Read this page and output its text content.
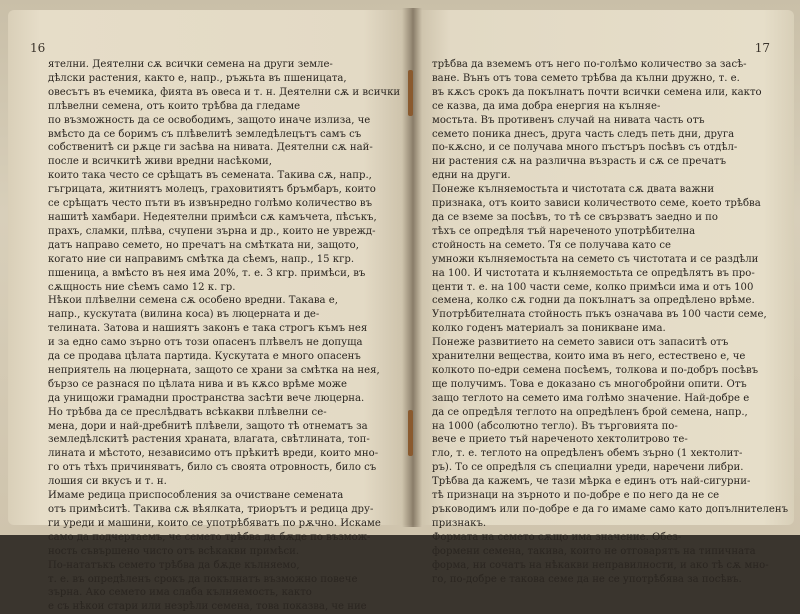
16
ятелни. Деятелни сѫ всички семена на други земле-
дѣлски растения, както е, напр., ръжьта въ пшеницата,
овесътъ въ ечемика, фията въ овеса и т. н. Деятелни сѫ и всички
плѣвелни семена, отъ които трѣбва да гледаме
по възможность да се освободимъ, защото иначе излиза, че
вмѣсто да се боримъ съ плѣвелитѣ земледѣлецътъ самъ съ
собственитѣ си рѫце ги засѣва на нивата. Деятелни сѫ най-
после и всичкитѣ живи вредни насѣкоми,
които така често се срѣщатъ въ семената. Такива сѫ, напр.,
гъгрицата, житниятъ молецъ, граховитиятъ бръмбаръ, които
се срѣщатъ често пъти въ извънредно голѣмо количество въ
нашитѣ хамбари. Недеятелни примѣси сѫ камъчета, пѣсъкъ,
прахъ, сламки, плѣва, счупени зърна и др., които не уврежд-
датъ направо семето, но пречатъ на смѣтката ни, защото,
когато ние си направимъ смѣтка да сѣемъ, напр., 15 кгр.
пшеница, а вмѣсто въ нея има 20%, т. е. 3 кгр. примѣси, въ
сѫщность ние сѣемъ само 12 к. гр.
Нѣкои плѣвелни семена сѫ особено вредни. Такава е,
напр., кускутата (вилина коса) въ люцерната и де-
телината. Затова и нашиятъ законъ е така строгъ къмъ нея
и за едно само зърно отъ този опасенъ плѣвелъ не допуща
да се продава цѣлата партида. Кускутата е много опасенъ
неприятель на люцерната, защото се храни за смѣтка на нея,
бързо се разнася по цѣлата нива и въ кѫсо врѣме може
да унищожи грамадни пространства засѣти вече люцерна.
Но трѣбва да се преслѣдватъ всѣкакви плѣвелни се-
мена, дори и най-дребнитѣ плѣвели, защото тѣ отнематъ за
земледѣлскитѣ растения храната, влагата, свѣтлината, топ-
лината и мѣстото, независимо отъ прѣкитѣ вреди, които мно-
го отъ тѣхъ причиняватъ, било съ своята отровность, било съ
лошия си вкусъ и т. н.
Имаме редица приспособления за очистване семената
отъ примѣситѣ. Такива сѫ вѣялката, триорътъ и редица дру-
ги уреди и машини, които се употрѣбяватъ по рѫчно. Искаме
само да подчертаемъ, че семето трѣбва да бѫде по възмож-
ность съвършено чисто отъ всѣкакви примѣси.
По-нататъкъ семето трѣбва да бѫде кълняемо,
т. е. въ опредѣленъ срокъ да покълнатъ възможно повече
зърна. Ако семето има слаба кълняемость, както
е съ нѣкои стари или незрѣли семена, това показва, че ние
17
трѣбва да вземемъ отъ него по-голѣмо количество за засѣ-
ване. Вънъ отъ това семето трѣбва да кълни дружно, т. е.
въ кѫсъ срокъ да покълнатъ почти всички семена или, както
се казва, да има добра енергия на кълняе-
мостьта. Въ противенъ случай на нивата часть отъ
семето поника днесъ, друга часть следъ петь дни, друга
по-кѫсно, и се получава много пъстъръ посѣвъ съ отдѣл-
ни растения сѫ на различна възрасть и сѫ се пречатъ
едни на други.
Понеже кълняемостьта и чистотата сѫ двата важни
признака, отъ които зависи количеството семе, което трѣбва
да се вземе за посѣвъ, то тѣ се свързватъ заедно и по
тѣхъ се опредѣля тъй нареченото употрѣбителна
стойность на семето. Тя се получава като се
умножи кълняемостьта на семето съ чистотата и се раздѣли
на 100. И чистотата и кълняемостьта се опредѣлятъ въ про-
центи т. е. на 100 части семе, колко примѣси има и отъ 100
семена, колко сѫ годни да покълнатъ за опредѣлено врѣме.
Употрѣбителната стойность пъкъ означава въ 100 части семе,
колко годенъ материалъ за поникване има.
Понеже развитието на семето зависи отъ запаситѣ отъ
хранителни вещества, които има въ него, естествено е, че
колкото по-едри семена посѣемъ, толкова и по-добръ посѣвъ
ще получимъ. Това е доказано съ многобройни опити. Отъ
защо теглото на семето има голѣмо значение. Най-добре е
да се опредѣля теглото на опредѣленъ брой семена, напр.,
на 1000 (абсолютно тегло). Въ търговията по-
вече е прието тъй нареченото хектолитрово те-
гло, т. е. теглото на опредѣленъ обемъ зърно (1 хектолит-
ръ). То се опредѣля съ специални уреди, наречени либри.
Трѣбва да кажемъ, че тази мѣрка е единъ отъ най-сигурни-
тѣ признаци на зърното и по-добре е по него да не се
ръководимъ или по-добре е да го имаме само като допълнителенъ
признакъ.
Формата на семето сѫщо има значение. Обез-
формени семена, такива, които не отговарятъ на типичната
форма, ни сочатъ на нѣкакви неправилности, и ако тѣ сѫ мно-
го, по-добре е такова семе да не се употрѣбява за посѣвъ.
